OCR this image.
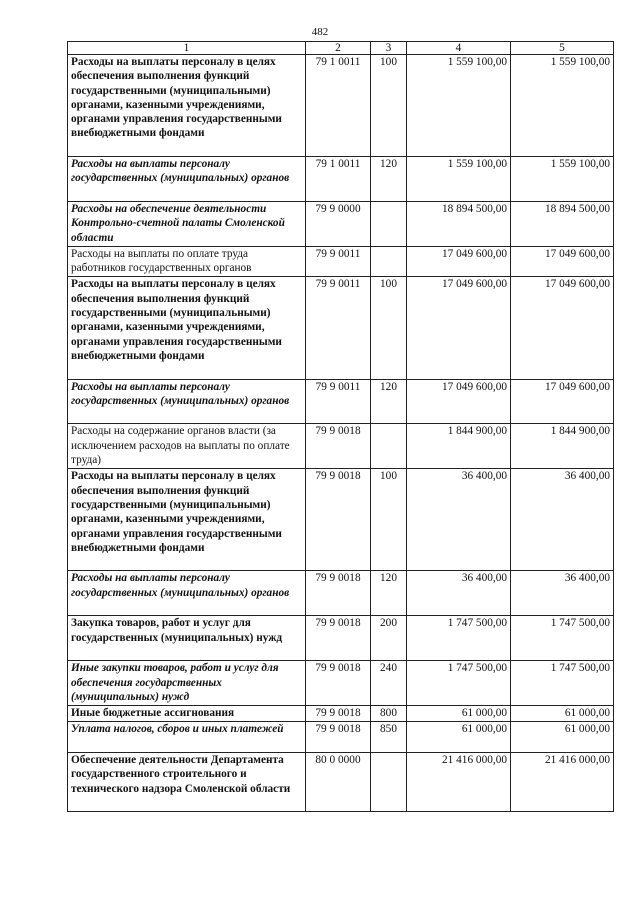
482
1	2	3	4	5
Расходы на выплаты персоналу в целях обеспечения выполнения функций государственными (муниципальными) органами, казенными учреждениями, органами управления государственными внебюджетными фондами	79 1 0011	100	1 559 100,00	1 559 100,00
Расходы на выплаты персоналу государственных (муниципальных) органов	79 1 0011	120	1 559 100,00	1 559 100,00
Расходы на обеспечение деятельности Контрольно-счетной палаты Смоленской области	79 9 0000		18 894 500,00	18 894 500,00
Расходы на выплаты по оплате труда работников государственных органов	79 9 0011		17 049 600,00	17 049 600,00
Расходы на выплаты персоналу в целях обеспечения выполнения функций государственными (муниципальными) органами, казенными учреждениями, органами управления государственными внебюджетными фондами	79 9 0011	100	17 049 600,00	17 049 600,00
Расходы на выплаты персоналу государственных (муниципальных) органов	79 9 0011	120	17 049 600,00	17 049 600,00
Расходы на содержание органов власти (за исключением расходов на выплаты по оплате труда)	79 9 0018		1 844 900,00	1 844 900,00
Расходы на выплаты персоналу в целях обеспечения выполнения функций государственными (муниципальными) органами, казенными учреждениями, органами управления государственными внебюджетными фондами	79 9 0018	100	36 400,00	36 400,00
Расходы на выплаты персоналу государственных (муниципальных) органов	79 9 0018	120	36 400,00	36 400,00
Закупка товаров, работ и услуг для государственных (муниципальных) нужд	79 9 0018	200	1 747 500,00	1 747 500,00
Иные закупки товаров, работ и услуг для обеспечения государственных (муниципальных) нужд	79 9 0018	240	1 747 500,00	1 747 500,00
Иные бюджетные ассигнования	79 9 0018	800	61 000,00	61 000,00
Уплата налогов, сборов и иных платежей	79 9 0018	850	61 000,00	61 000,00
Обеспечение деятельности Департамента государственного строительного и технического надзора Смоленской области	80 0 0000		21 416 000,00	21 416 000,00
